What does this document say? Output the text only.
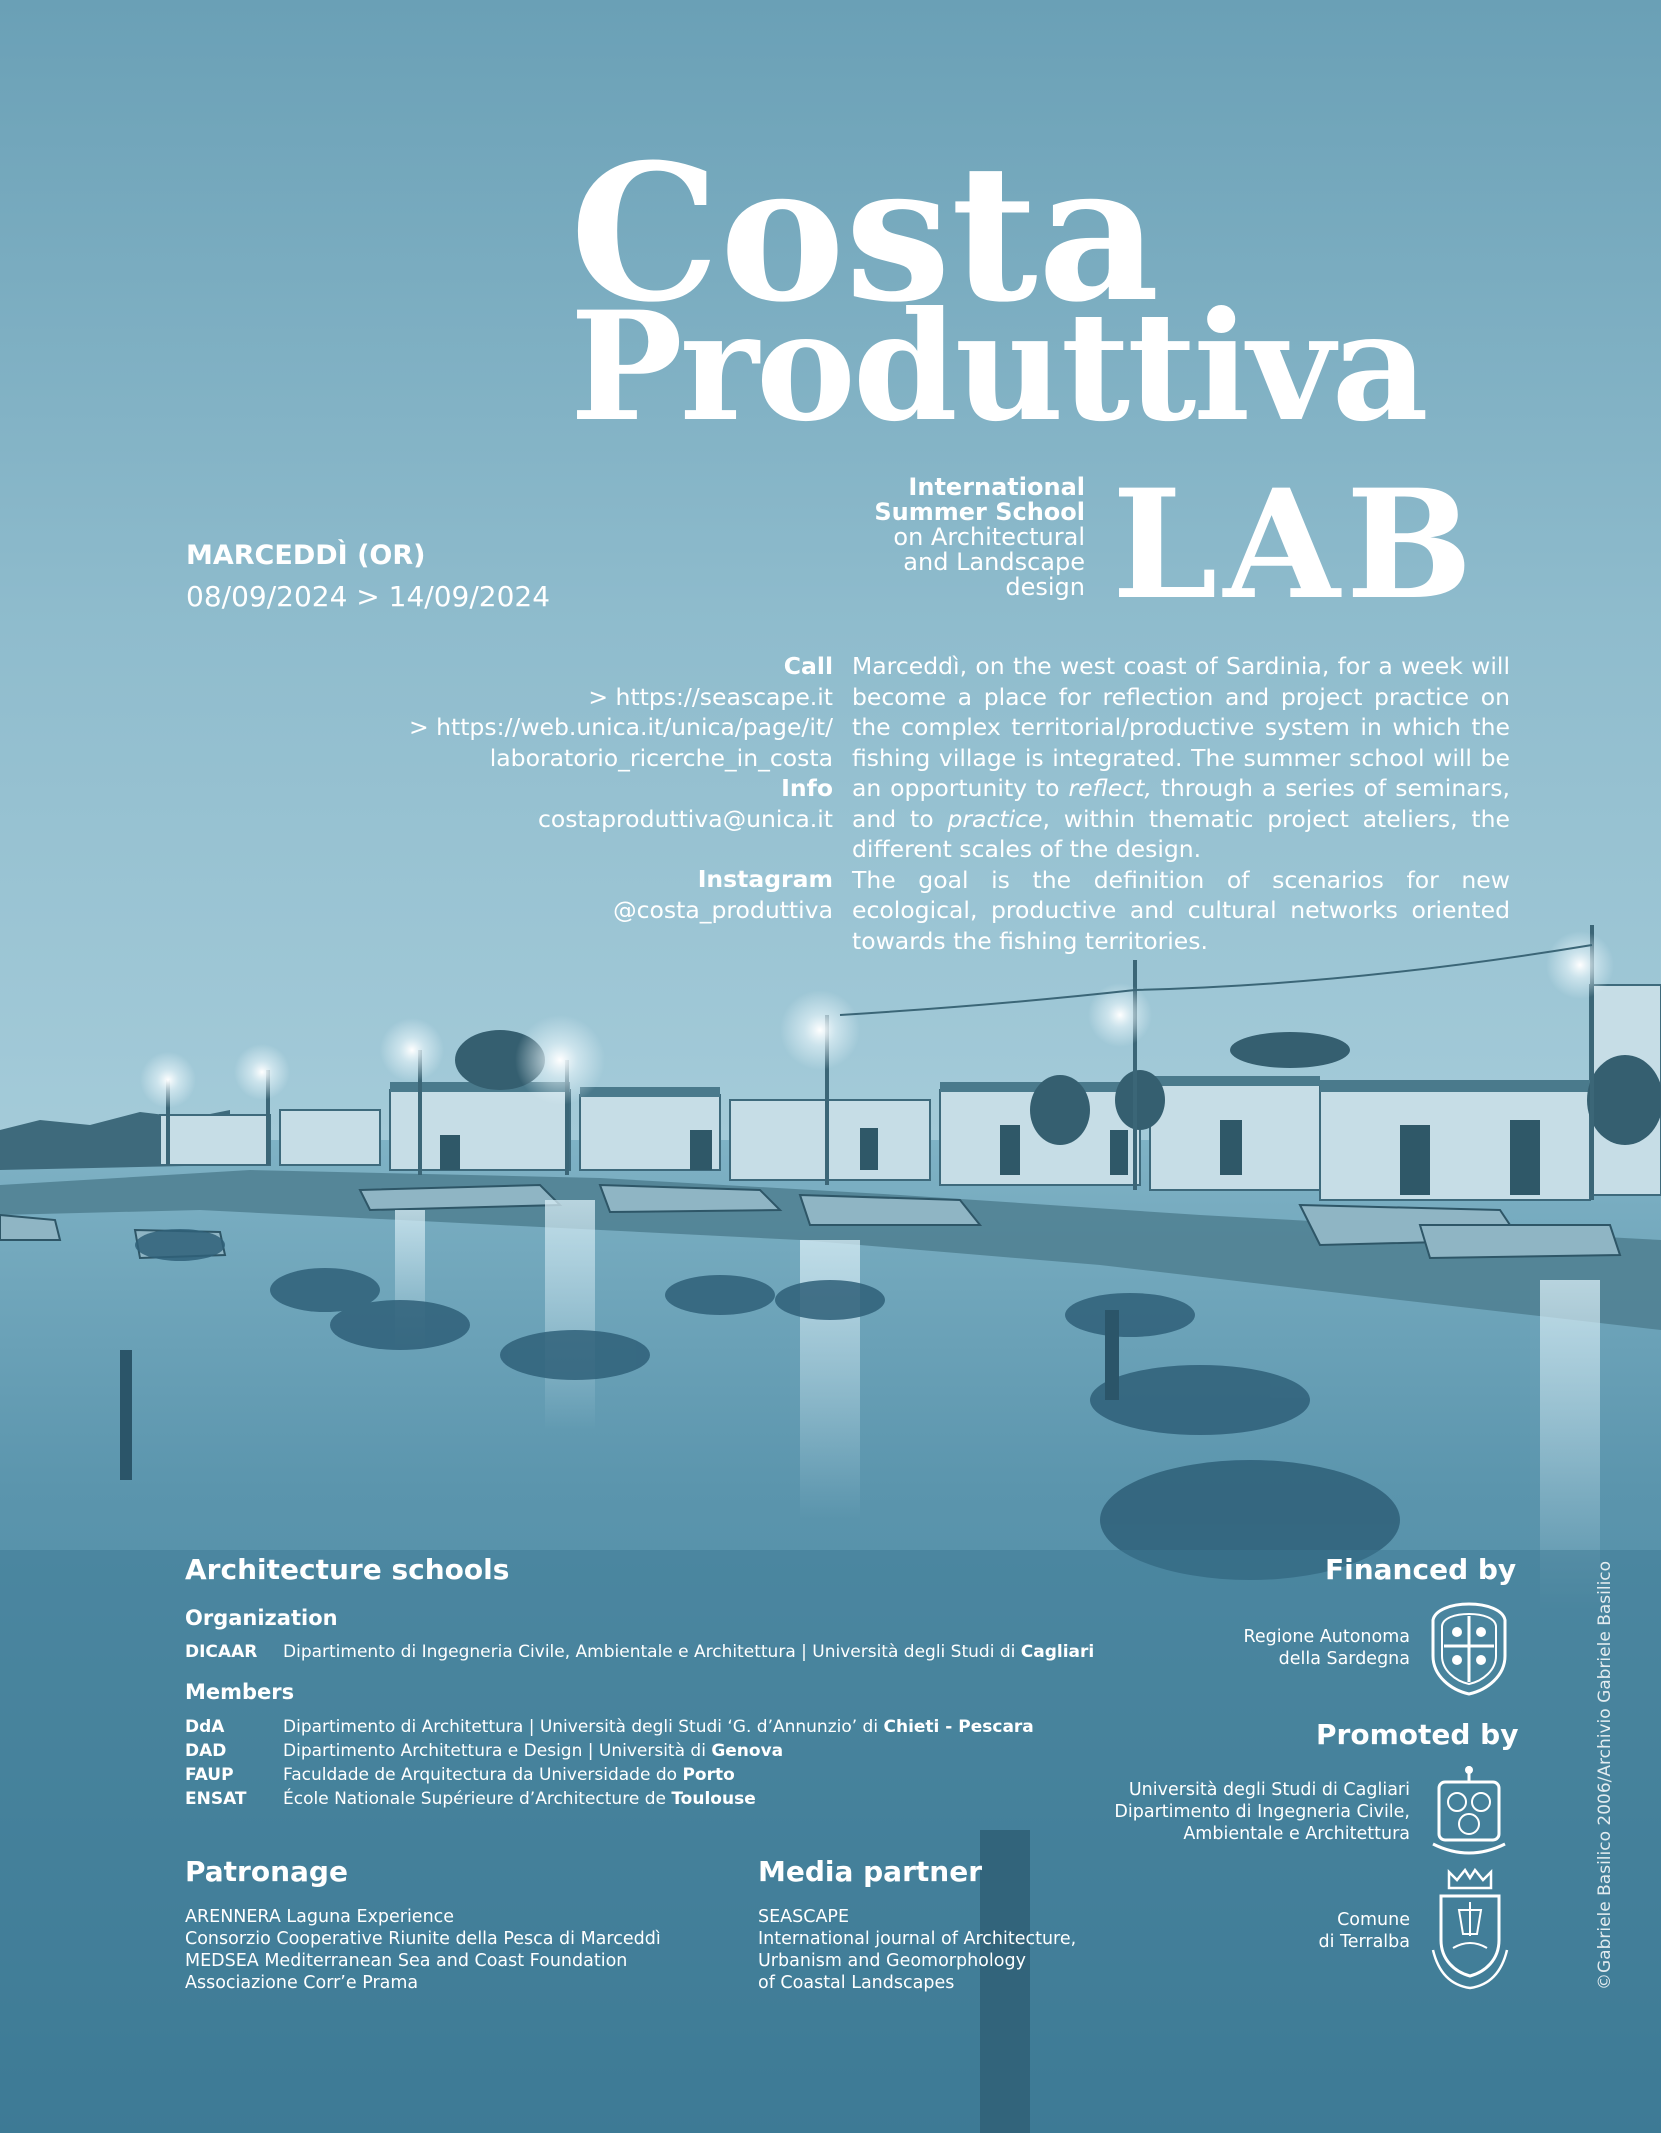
Costa
Produttiva
LAB
International
Summer School
on Architectural
and Landscape
design
MARCEDDÌ (OR)
08/09/2024 > 14/09/2024
Call
> https://seascape.it
> https://web.unica.it/unica/page/it/
laboratorio_ricerche_in_costa
Info
costaproduttiva@unica.it
Instagram
@costa_produttiva

Marceddì, on the west coast of Sardinia, for a week will become a place for reflection and project practice on the complex territorial/productive system in which the fishing village is integrated. The summer school will be an opportunity to reflect, through a series of seminars, and to practice, within thematic project ateliers, the different scales of the design.

The goal is the definition of scenarios for new ecological, productive and cultural networks oriented towards the fishing territories.

Architecture schools
Organization
DICAAR Dipartimento di Ingegneria Civile, Ambientale e Architettura | Università degli Studi di Cagliari
Members
DdA	Dipartimento di Architettura | Università degli Studi ‘G. d’Annunzio’ di Chieti - Pescara
DAD	Dipartimento Architettura e Design | Università di Genova
FAUP	Faculdade de Arquitectura da Universidade do Porto
ENSAT École Nationale Supérieure d’Architecture de Toulouse
Patronage
ARENNERA Laguna Experience
Consorzio Cooperative Riunite della Pesca di Marceddì
MEDSEA Mediterranean Sea and Coast Foundation
Associazione Corr’e Prama
Media partner
SEASCAPE
International journal of Architecture,
Urbanism and Geomorphology
of Coastal Landscapes
Financed by
Regione Autonoma
della Sardegna
Promoted by
Università degli Studi di Cagliari
Dipartimento di Ingegneria Civile,
Ambientale e Architettura
Comune
di Terralba	©Gabriele Basilico 2006/Archivio Gabriele Basilico
